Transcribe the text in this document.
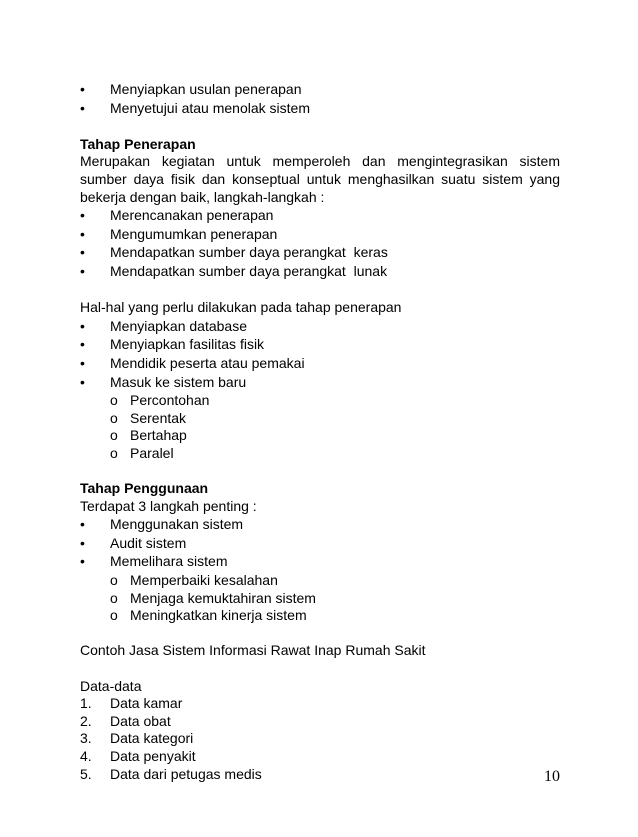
•	Menyiapkan usulan penerapan
•	Menyetujui atau menolak sistem

Tahap Penerapan

Merupakan kegiatan untuk memperoleh dan mengintegrasikan sistem sumber daya fisik dan konseptual untuk menghasilkan suatu sistem yang bekerja dengan baik, langkah-langkah :

•	Merencanakan penerapan
•	Mengumumkan penerapan
•	Mendapatkan sumber daya perangkat  keras
•	Mendapatkan sumber daya perangkat  lunak

Hal-hal yang perlu dilakukan pada tahap penerapan

•	Menyiapkan database
•	Menyiapkan fasilitas fisik
•	Mendidik peserta atau pemakai
•	Masuk ke sistem baru
o Percontohan
o Serentak
o Bertahap
o Paralel

Tahap Penggunaan

Terdapat 3 langkah penting :

•	Menggunakan sistem
•	Audit sistem
•	Memelihara sistem
o Memperbaiki kesalahan
o Menjaga kemuktahiran sistem
o Meningkatkan kinerja sistem

Contoh Jasa Sistem Informasi Rawat Inap Rumah Sakit

Data-data

1.	Data kamar
2.	Data obat
3.	Data kategori
4.	Data penyakit
5.	Data dari petugas medis	10
